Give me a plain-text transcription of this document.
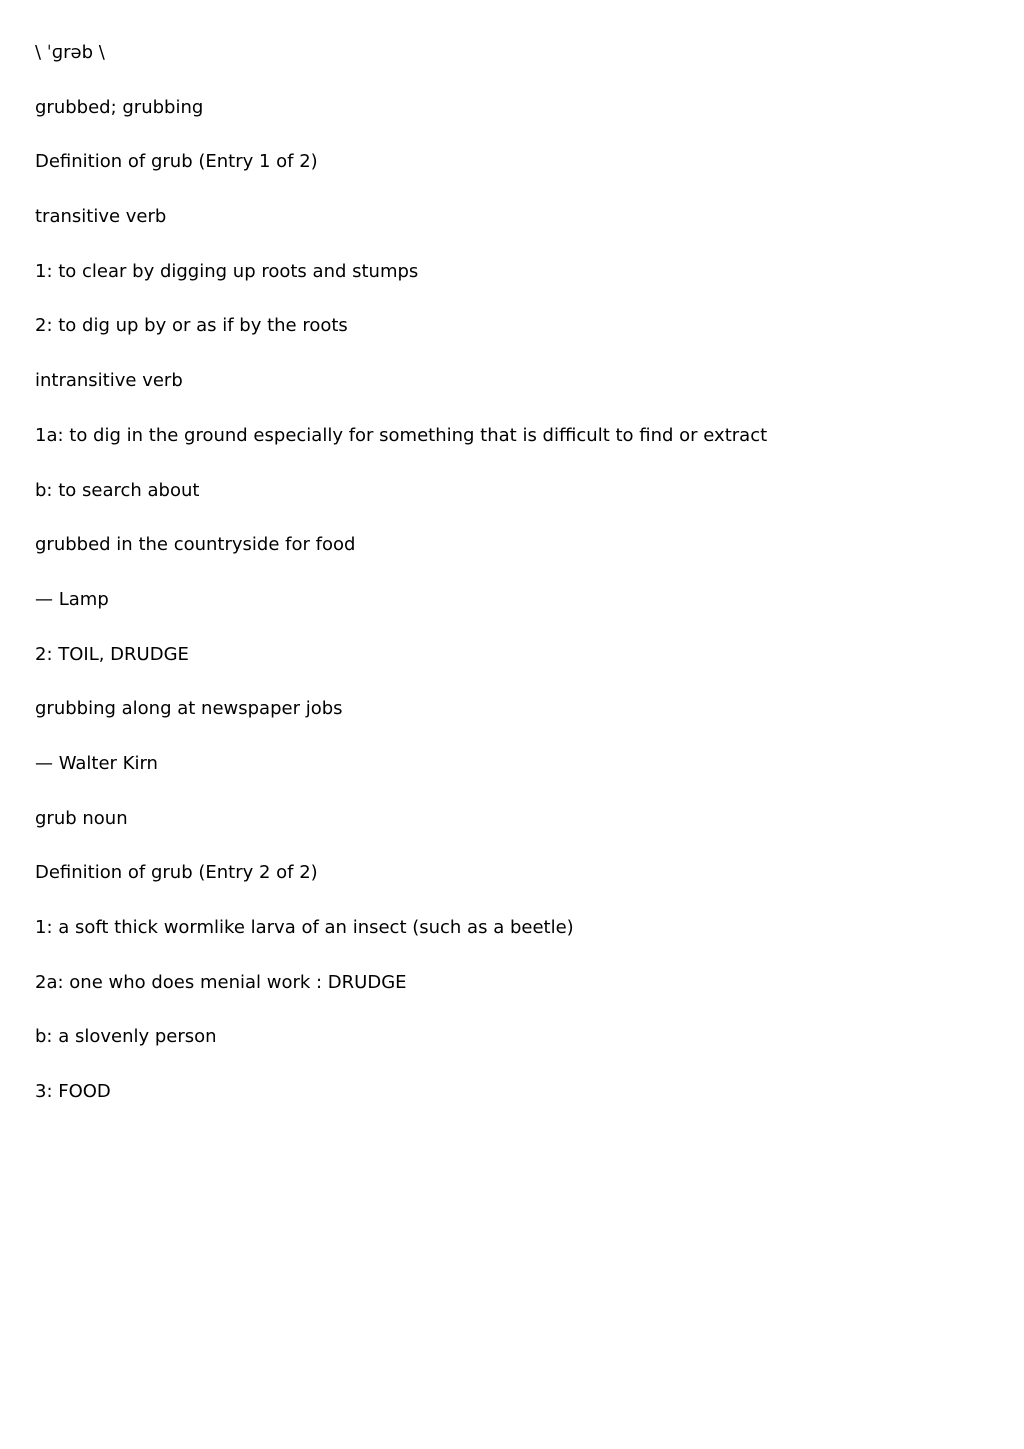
\ ˈɡrəb \
grubbed; grubbing
Definition of grub (Entry 1 of 2)
transitive verb
1: to clear by digging up roots and stumps
2: to dig up by or as if by the roots
intransitive verb
1a: to dig in the ground especially for something that is difficult to find or extract
b: to search about
grubbed in the countryside for food
— Lamp
2: TOIL, DRUDGE
grubbing along at newspaper jobs
— Walter Kirn
grub noun
Definition of grub (Entry 2 of 2)
1: a soft thick wormlike larva of an insect (such as a beetle)
2a: one who does menial work : DRUDGE
b: a slovenly person
3: FOOD
